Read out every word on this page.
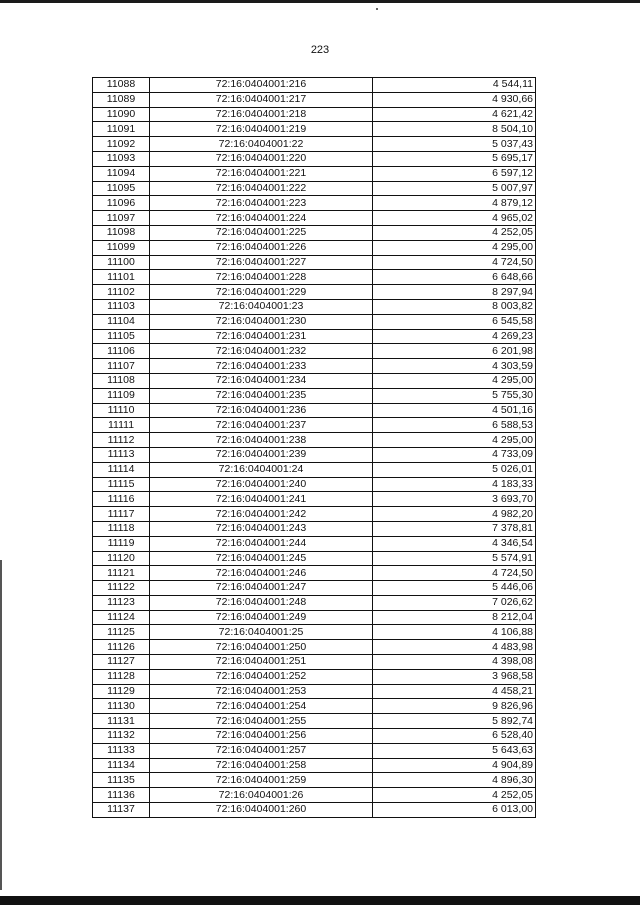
223
11088	72:16:0404001:216	4 544,11
11089	72:16:0404001:217	4 930,66
11090	72:16:0404001:218	4 621,42
11091	72:16:0404001:219	8 504,10
11092	72:16:0404001:22	5 037,43
11093	72:16:0404001:220	5 695,17
11094	72:16:0404001:221	6 597,12
11095	72:16:0404001:222	5 007,97
11096	72:16:0404001:223	4 879,12
11097	72:16:0404001:224	4 965,02
11098	72:16:0404001:225	4 252,05
11099	72:16:0404001:226	4 295,00
11100	72:16:0404001:227	4 724,50
11101	72:16:0404001:228	6 648,66
11102	72:16:0404001:229	8 297,94
11103	72:16:0404001:23	8 003,82
11104	72:16:0404001:230	6 545,58
11105	72:16:0404001:231	4 269,23
11106	72:16:0404001:232	6 201,98
11107	72:16:0404001:233	4 303,59
11108	72:16:0404001:234	4 295,00
11109	72:16:0404001:235	5 755,30
11110	72:16:0404001:236	4 501,16
11111	72:16:0404001:237	6 588,53
11112	72:16:0404001:238	4 295,00
11113	72:16:0404001:239	4 733,09
11114	72:16:0404001:24	5 026,01
11115	72:16:0404001:240	4 183,33
11116	72:16:0404001:241	3 693,70
11117	72:16:0404001:242	4 982,20
11118	72:16:0404001:243	7 378,81
11119	72:16:0404001:244	4 346,54
11120	72:16:0404001:245	5 574,91
11121	72:16:0404001:246	4 724,50
11122	72:16:0404001:247	5 446,06
11123	72:16:0404001:248	7 026,62
11124	72:16:0404001:249	8 212,04
11125	72:16:0404001:25	4 106,88
11126	72:16:0404001:250	4 483,98
11127	72:16:0404001:251	4 398,08
11128	72:16:0404001:252	3 968,58
11129	72:16:0404001:253	4 458,21
11130	72:16:0404001:254	9 826,96
11131	72:16:0404001:255	5 892,74
11132	72:16:0404001:256	6 528,40
11133	72:16:0404001:257	5 643,63
11134	72:16:0404001:258	4 904,89
11135	72:16:0404001:259	4 896,30
11136	72:16:0404001:26	4 252,05
11137	72:16:0404001:260	6 013,00
